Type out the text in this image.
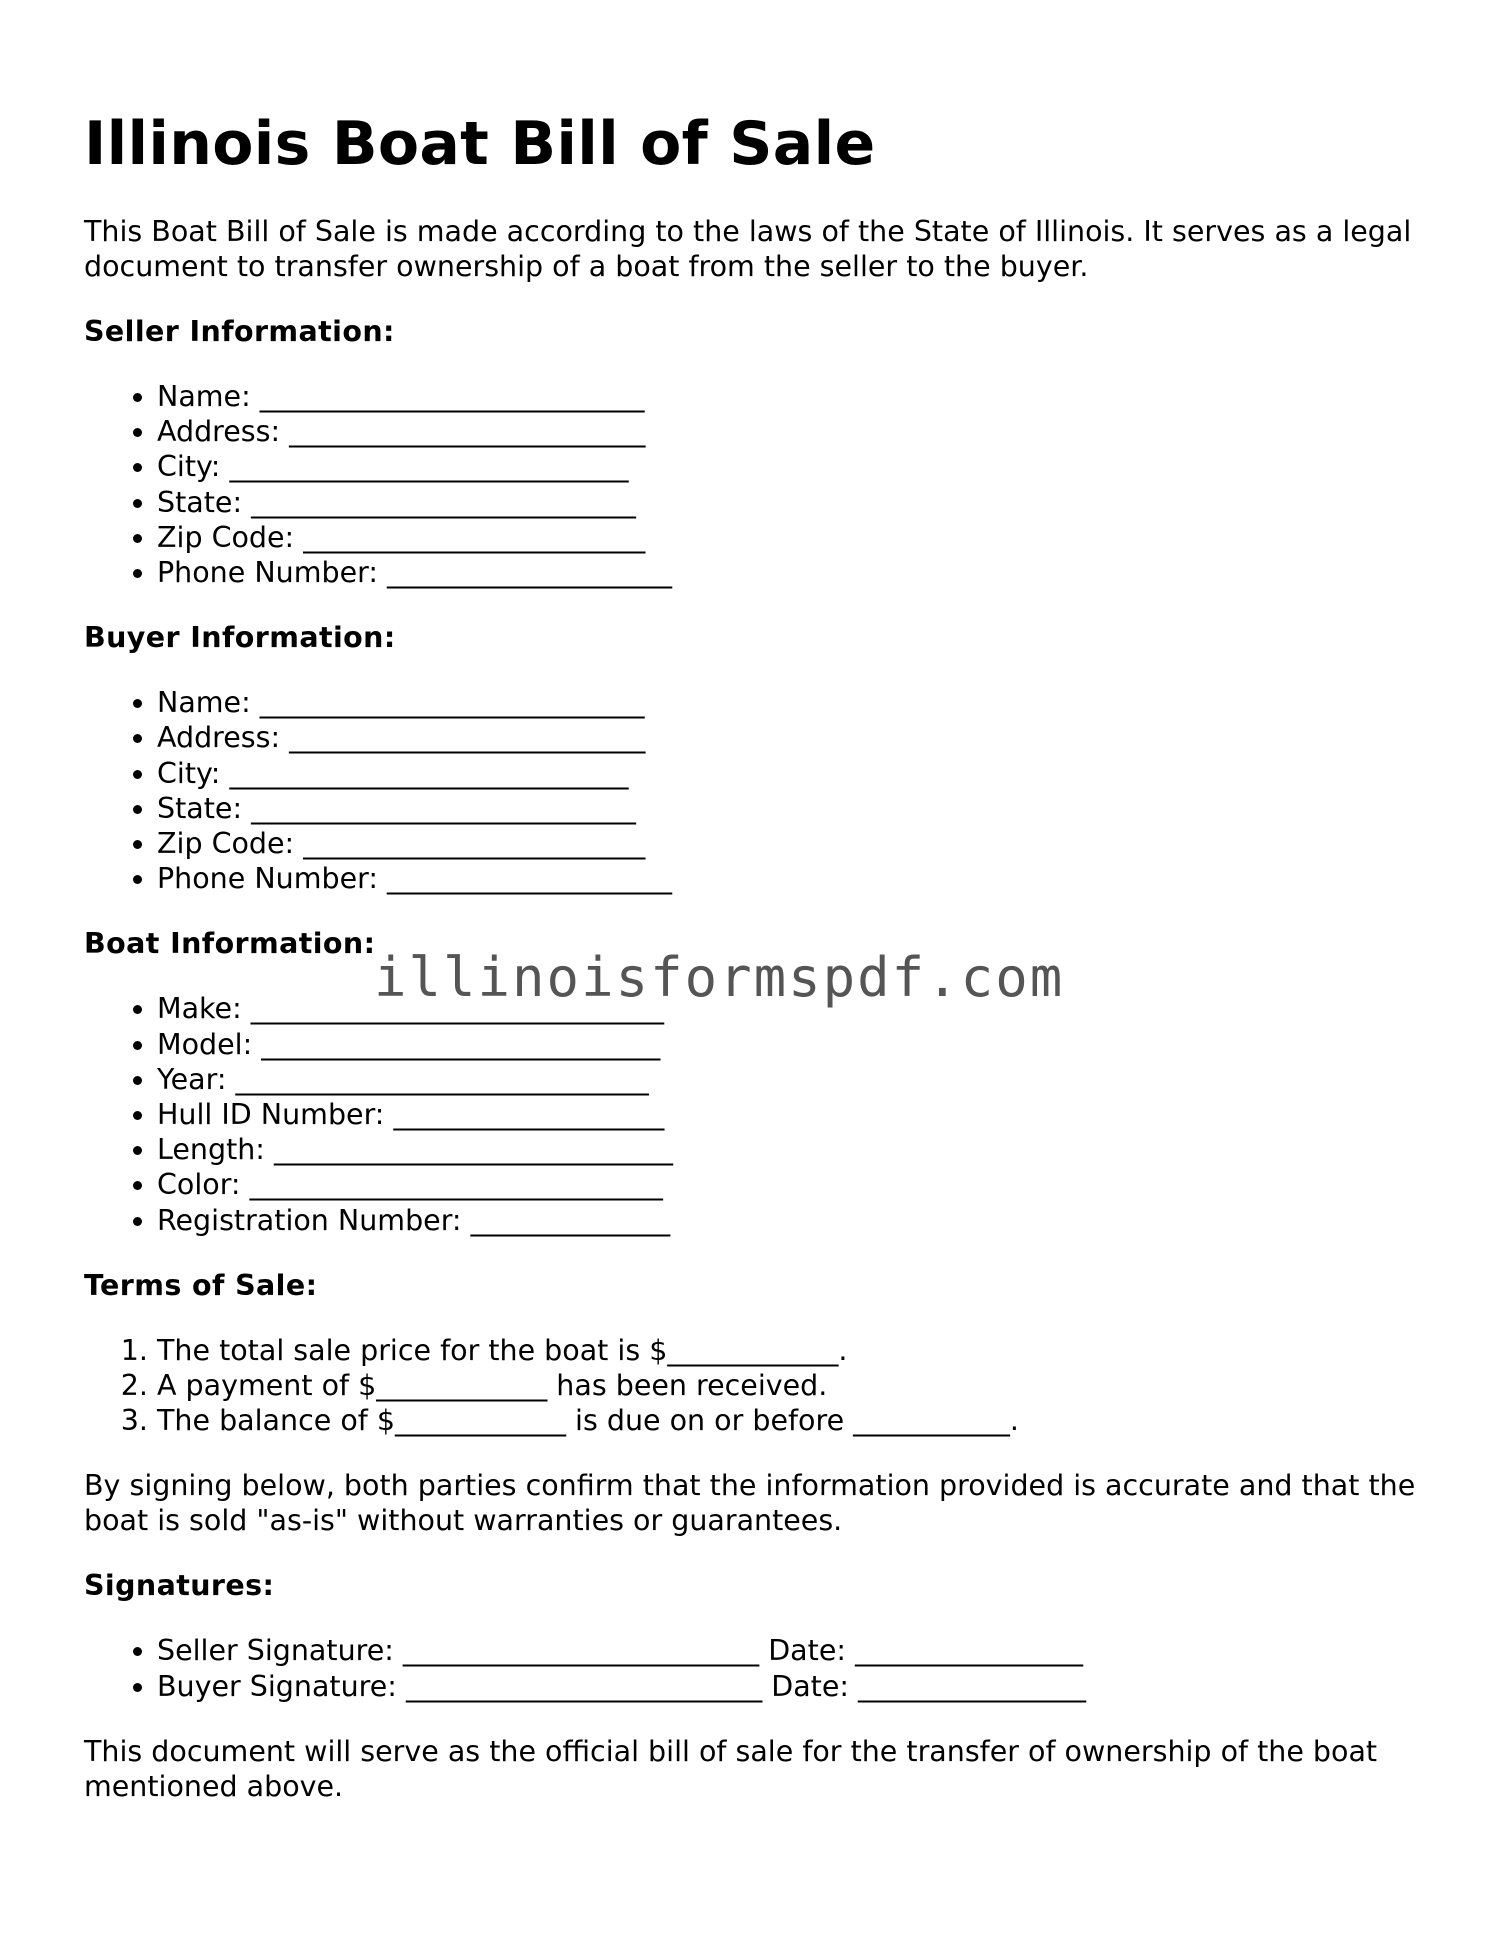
Illinois Boat Bill of Sale

This Boat Bill of Sale is made according to the laws of the State of Illinois. It serves as a legal document to transfer ownership of a boat from the seller to the buyer.

Seller Information:
• Name: ___________________________
• Address: _________________________
• City: ____________________________
• State: ___________________________
• Zip Code: ________________________
• Phone Number: ____________________
Buyer Information:
• Name: ___________________________
• Address: _________________________
• City: ____________________________
• State: ___________________________
• Zip Code: ________________________
• Phone Number: ____________________
Boat Information:
• Make: _____________________________
• Model: ____________________________
• Year: _____________________________
• Hull ID Number: ___________________
• Length: ____________________________
• Color: _____________________________
• Registration Number: ______________
Terms of Sale:
1. The total sale price for the boat is $____________.
2. A payment of $____________ has been received.
3. The balance of $____________ is due on or before ___________.

By signing below, both parties confirm that the information provided is accurate and that the boat is sold "as-is" without warranties or guarantees.

Signatures:
• Seller Signature: _________________________ Date: ________________
• Buyer Signature: _________________________ Date: ________________

This document will serve as the official bill of sale for the transfer of ownership of the boat mentioned above.

illinoisformspdf.com
